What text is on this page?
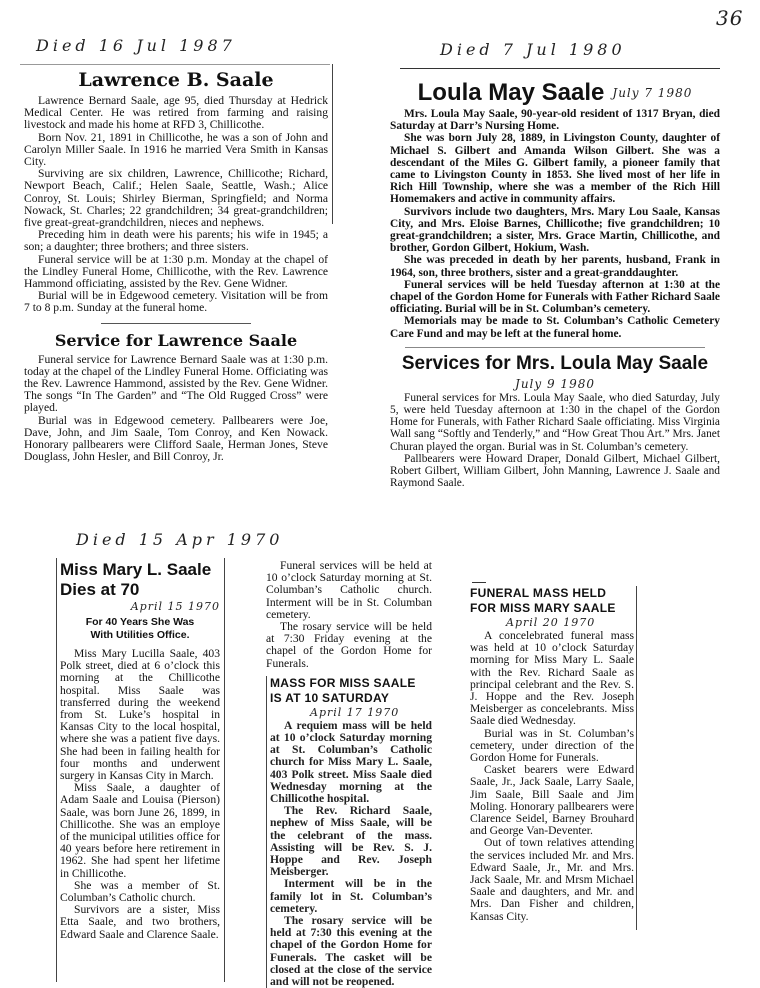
36
Died 16 Jul 1987
Lawrence B. Saale

Lawrence Bernard Saale, age 95, died Thursday at Hedrick Medical Center. He was retired from farming and raising livestock and made his home at RFD 3, Chillicothe.

Born Nov. 21, 1891 in Chillicothe, he was a son of John and Carolyn Miller Saale. In 1916 he married Vera Smith in Kansas City.

Surviving are six children, Lawrence, Chillicothe; Richard, Newport Beach, Calif.; Helen Saale, Seattle, Wash.; Alice Conroy, St. Louis; Shirley Bierman, Springfield; and Norma Nowack, St. Charles; 22 grandchildren; 34 great-grandchildren; five great-great-grandchildren, nieces and nephews.

Preceding him in death were his parents; his wife in 1945; a son; a daughter; three brothers; and three sisters.

Funeral service will be at 1:30 p.m. Monday at the chapel of the Lindley Funeral Home, Chillicothe, with the Rev. Lawrence Hammond officiating, assisted by the Rev. Gene Widner.

Burial will be in Edgewood cemetery. Visitation will be from 7 to 8 p.m. Sunday at the funeral home.

Service for Lawrence Saale

Funeral service for Lawrence Bernard Saale was at 1:30 p.m. today at the chapel of the Lindley Funeral Home. Officiating was the Rev. Lawrence Hammond, assisted by the Rev. Gene Widner. The songs “In The Garden” and “The Old Rugged Cross” were played.

Burial was in Edgewood cemetery. Pallbearers were Joe, Dave, John, and Jim Saale, Tom Conroy, and Ken Nowack. Honorary pallbearers were Clifford Saale, Herman Jones, Steve Douglass, John Hesler, and Bill Conroy, Jr.

Died 7 Jul 1980
Loula May Saale July 7 1980

Mrs. Loula May Saale, 90-year-old resident of 1317 Bryan, died Saturday at Darr’s Nursing Home.

She was born July 28, 1889, in Livingston County, daughter of Michael S. Gilbert and Amanda Wilson Gilbert. She was a descendant of the Miles G. Gilbert family, a pioneer family that came to Livingston County in 1853. She lived most of her life in Rich Hill Township, where she was a member of the Rich Hill Homemakers and active in community affairs.

Survivors include two daughters, Mrs. Mary Lou Saale, Kansas City, and Mrs. Eloise Barnes, Chillicothe; five grandchildren; 10 great-grandchildren; a sister, Mrs. Grace Martin, Chillicothe, and brother, Gordon Gilbert, Hokium, Wash.

She was preceded in death by her parents, husband, Frank in 1964, son, three brothers, sister and a great-granddaughter.

Funeral services will be held Tuesday afternon at 1:30 at the chapel of the Gordon Home for Funerals with Father Richard Saale officiating. Burial will be in St. Columban’s cemetery.

Memorials may be made to St. Columban’s Catholic Cemetery Care Fund and may be left at the funeral home.

Services for Mrs. Loula May Saale
July 9 1980

Funeral services for Mrs. Loula May Saale, who died Saturday, July 5, were held Tuesday afternoon at 1:30 in the chapel of the Gordon Home for Funerals, with Father Richard Saale officiating. Miss Virginia Wall sang “Softly and Tenderly,” and “How Great Thou Art.” Mrs. Janet Churan played the organ. Burial was in St. Columban’s cemetery.

Pallbearers were Howard Draper, Donald Gilbert, Michael Gilbert, Robert Gilbert, William Gilbert, John Manning, Lawrence J. Saale and Raymond Saale.

Died 15 Apr 1970
Miss Mary L. Saale
Dies at 70
April 15 1970
For 40 Years She Was
With Utilities Office.

Miss Mary Lucilla Saale, 403 Polk street, died at 6 o’clock this morning at the Chillicothe hospital. Miss Saale was transferred during the weekend from St. Luke’s hospital in Kansas City to the local hospital, where she was a patient five days. She had been in failing health for four months and underwent surgery in Kansas City in March.

Miss Saale, a daughter of Adam Saale and Louisa (Pierson) Saale, was born June 26, 1899, in Chillicothe. She was an employe of the municipal utilities office for 40 years before here retirement in 1962. She had spent her lifetime in Chillicothe.

She was a member of St. Columban’s Catholic church.

Survivors are a sister, Miss Etta Saale, and two brothers, Edward Saale and Clarence Saale.

Funeral services will be held at 10 o’clock Saturday morning at St. Columban’s Catholic church. Interment will be in St. Columban cemetery.

The rosary service will be held at 7:30 Friday evening at the chapel of the Gordon Home for Funerals.

MASS FOR MISS SAALE
IS AT 10 SATURDAY
April 17 1970

A requiem mass will be held at 10 o’clock Saturday morning at St. Columban’s Catholic church for Miss Mary L. Saale, 403 Polk street. Miss Saale died Wednesday morning at the Chillicothe hospital.

The Rev. Richard Saale, nephew of Miss Saale, will be the celebrant of the mass. Assisting will be Rev. S. J. Hoppe and Rev. Joseph Meisberger.

Interment will be in the family lot in St. Columban’s cemetery.

The rosary service will be held at 7:30 this evening at the chapel of the Gordon Home for Funerals. The casket will be closed at the close of the service and will not be reopened.

FUNERAL MASS HELD
FOR MISS MARY SAALE
April 20 1970

A concelebrated funeral mass was held at 10 o’clock Saturday morning for Miss Mary L. Saale with the Rev. Richard Saale as principal celebrant and the Rev. S. J. Hoppe and the Rev. Joseph Meisberger as concelebrants. Miss Saale died Wednesday.

Burial was in St. Columban’s cemetery, under direction of the Gordon Home for Funerals.

Casket bearers were Edward Saale, Jr., Jack Saale, Larry Saale, Jim Saale, Bill Saale and Jim Moling. Honorary pallbearers were Clarence Seidel, Barney Brouhard and George Van-Deventer.

Out of town relatives attending the services included Mr. and Mrs. Edward Saale, Jr., Mr. and Mrs. Jack Saale, Mr. and Mrsm Michael Saale and daughters, and Mr. and Mrs. Dan Fisher and children, Kansas City.
